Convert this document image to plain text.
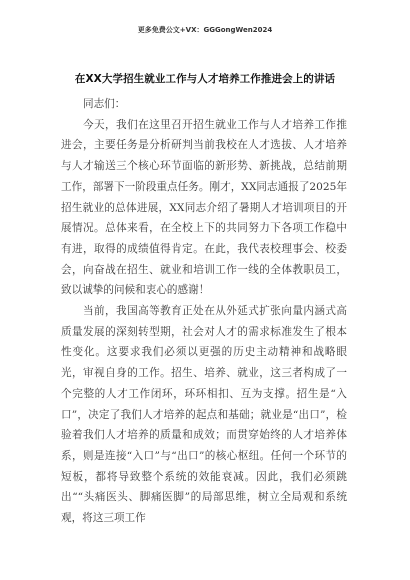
更多免费公文+VX：GGGongWen2024
在XX大学招生就业工作与人才培养工作推进会上的讲话
同志们：

今天，我们在这里召开招生就业工作与人才培养工作推进会，主要任务是分析研判当前我校在人才选拔、人才培养与人才输送三个核心环节面临的新形势、新挑战，总结前期工作，部署下一阶段重点任务。刚才，XX同志通报了2025年招生就业的总体进展，XX同志介绍了暑期人才培训项目的开展情况。总体来看，在全校上下的共同努力下各项工作稳中有进，取得的成绩值得肯定。在此，我代表校理事会、校委会，向奋战在招生、就业和培训工作一线的全体教职员工，致以诚挚的问候和衷心的感谢！

当前，我国高等教育正处在从外延式扩张向量内涵式高质量发展的深刻转型期，社会对人才的需求标准发生了根本性变化。这要求我们必须以更强的历史主动精神和战略眼光，审视自身的工作。招生、培养、就业，这三者构成了一个完整的人才工作闭环，环环相扣、互为支撑。招生是“入口”，决定了我们人才培养的起点和基础；就业是“出口”，检验着我们人才培养的质量和成效；而贯穿始终的人才培养体系，则是连接“入口”与“出口”的核心枢纽。任何一个环节的短板，都将导致整个系统的效能衰减。因此，我们必须跳出““头痛医头、脚痛医脚”的局部思维，树立全局观和系统观，将这三项工作
